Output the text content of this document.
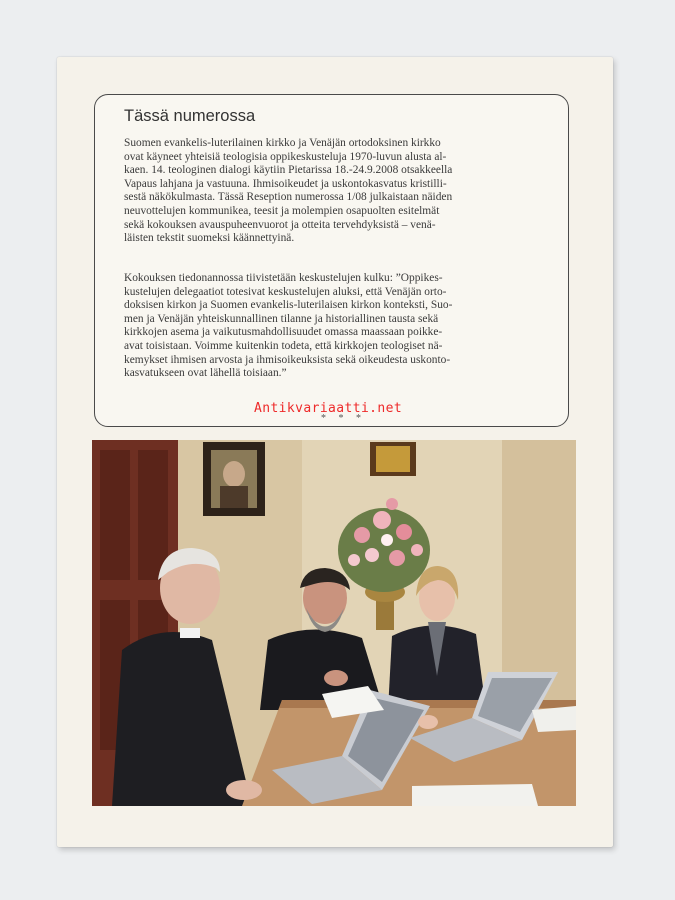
Tässä numerossa

Suomen evankelis-luterilainen kirkko ja Venäjän ortodoksinen kirkko
ovat käyneet yhteisiä teologisia oppikeskusteluja 1970-luvun alusta al-
kaen. 14. teologinen dialogi käytiin Pietarissa 18.-24.9.2008 otsakkeella
Vapaus lahjana ja vastuuna. Ihmisoikeudet ja uskontokasvatus kristilli-
sestä näkökulmasta. Tässä Reseption numerossa 1/08 julkaistaan näiden
neuvottelujen kommunikea, teesit ja molempien osapuolten esitelmät
sekä kokouksen avauspuheenvuorot ja otteita tervehdyksistä – venä-
läisten tekstit suomeksi käännettyinä.

Kokouksen tiedonannossa tiivistetään keskustelujen kulku: ”Oppikes-
kustelujen delegaatiot totesivat keskustelujen aluksi, että Venäjän orto-
doksisen kirkon ja Suomen evankelis-luterilaisen kirkon konteksti, Suo-
men ja Venäjän yhteiskunnallinen tilanne ja historiallinen tausta sekä
kirkkojen asema ja vaikutusmahdollisuudet omassa maassaan poikke-
avat toisistaan. Voimme kuitenkin todeta, että kirkkojen teologiset nä-
kemykset ihmisen arvosta ja ihmisoikeuksista sekä oikeudesta uskonto-
kasvatukseen ovat lähellä toisiaan.”

Antikvariaatti.net
* * *
